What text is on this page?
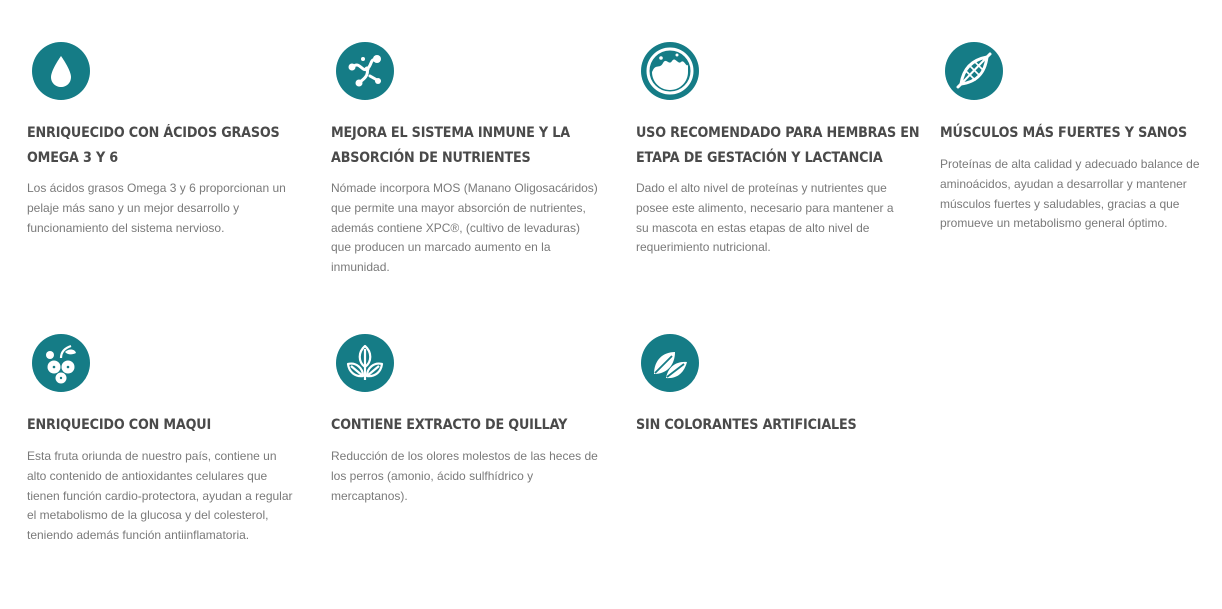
ENRIQUECIDO CON ÁCIDOS GRASOS
OMEGA 3 Y 6
Los ácidos grasos Omega 3 y 6 proporcionan un
pelaje más sano y un mejor desarrollo y
funcionamiento del sistema nervioso.
MEJORA EL SISTEMA INMUNE Y LA
ABSORCIÓN DE NUTRIENTES
Nómade incorpora MOS (Manano Oligosacáridos)
que permite una mayor absorción de nutrientes,
además contiene XPC®, (cultivo de levaduras)
que producen un marcado aumento en la
inmunidad.
USO RECOMENDADO PARA HEMBRAS EN
ETAPA DE GESTACIÓN Y LACTANCIA
Dado el alto nivel de proteínas y nutrientes que
posee este alimento, necesario para mantener a
su mascota en estas etapas de alto nivel de
requerimiento nutricional.
MÚSCULOS MÁS FUERTES Y SANOS
Proteínas de alta calidad y adecuado balance de
aminoácidos, ayudan a desarrollar y mantener
músculos fuertes y saludables, gracias a que
promueve un metabolismo general óptimo.
ENRIQUECIDO CON MAQUI
Esta fruta oriunda de nuestro país, contiene un
alto contenido de antioxidantes celulares que
tienen función cardio-protectora, ayudan a regular
el metabolismo de la glucosa y del colesterol,
teniendo además función antiinflamatoria.
CONTIENE EXTRACTO DE QUILLAY
Reducción de los olores molestos de las heces de
los perros (amonio, ácido sulfhídrico y
mercaptanos).
SIN COLORANTES ARTIFICIALES
